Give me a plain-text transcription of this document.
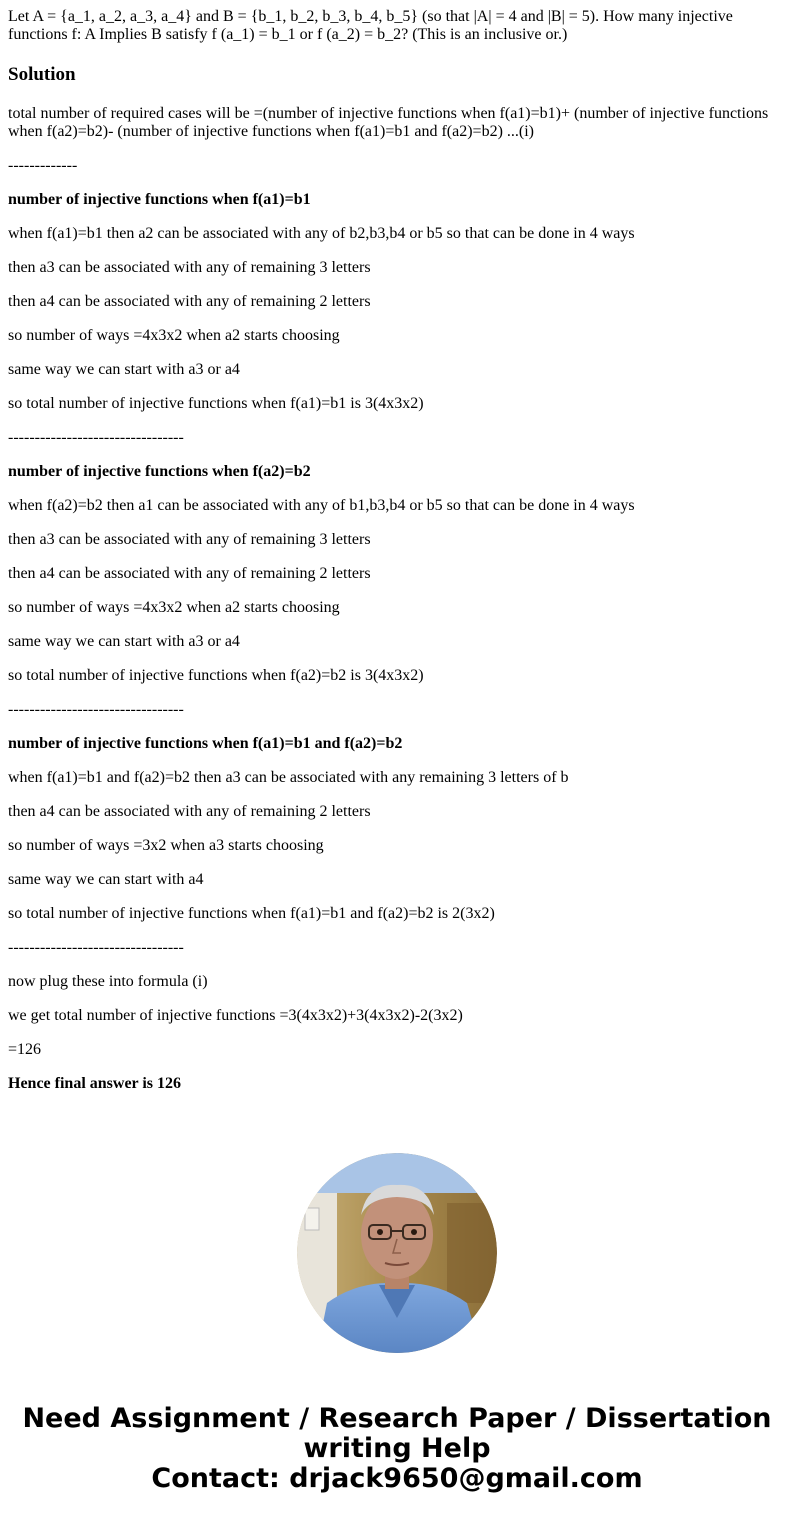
Let A = {a_1, a_2, a_3, a_4} and B = {b_1, b_2, b_3, b_4, b_5} (so that |A| = 4 and |B| = 5). How many injective functions f: A Implies B satisfy f (a_1) = b_1 or f (a_2) = b_2? (This is an inclusive or.)

Solution

total number of required cases will be =(number of injective functions when f(a1)=b1)+ (number of injective functions when f(a2)=b2)- (number of injective functions when f(a1)=b1 and f(a2)=b2) ...(i)

-------------

number of injective functions when f(a1)=b1

when f(a1)=b1 then a2 can be associated with any of b2,b3,b4 or b5 so that can be done in 4 ways

then a3 can be associated with any of remaining 3 letters

then a4 can be associated with any of remaining 2 letters

so number of ways =4x3x2 when a2 starts choosing

same way we can start with a3 or a4

so total number of injective functions when f(a1)=b1 is 3(4x3x2)

---------------------------------

number of injective functions when f(a2)=b2

when f(a2)=b2 then a1 can be associated with any of b1,b3,b4 or b5 so that can be done in 4 ways

then a3 can be associated with any of remaining 3 letters

then a4 can be associated with any of remaining 2 letters

so number of ways =4x3x2 when a2 starts choosing

same way we can start with a3 or a4

so total number of injective functions when f(a2)=b2 is 3(4x3x2)

---------------------------------

number of injective functions when f(a1)=b1 and f(a2)=b2

when f(a1)=b1 and f(a2)=b2 then a3 can be associated with any remaining 3 letters of b

then a4 can be associated with any of remaining 2 letters

so number of ways =3x2 when a3 starts choosing

same way we can start with a4

so total number of injective functions when f(a1)=b1 and f(a2)=b2 is 2(3x2)

---------------------------------

now plug these into formula (i)

we get total number of injective functions =3(4x3x2)+3(4x3x2)-2(3x2)

=126

Hence final answer is 126

Need Assignment / Research Paper / Dissertation
writing Help
Contact: drjack9650@gmail.com
